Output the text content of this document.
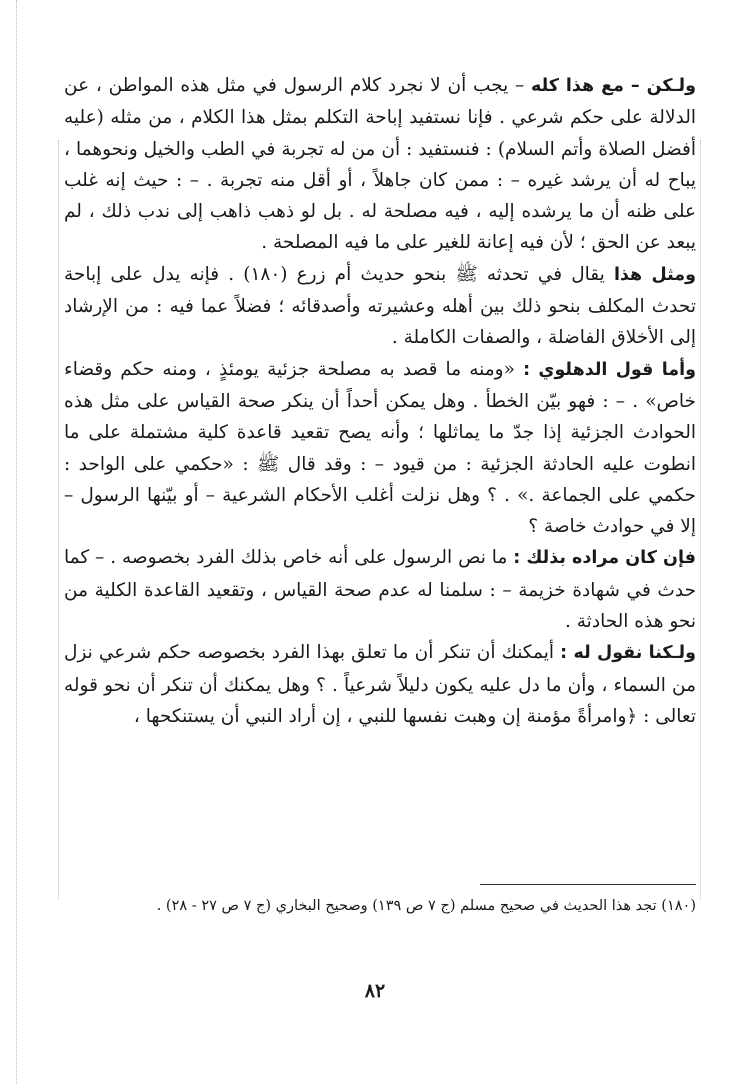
ولـكن – مع هذا كله – يجب أن لا نجرد كلام الرسول في مثل هذه المواطن ، عن الدلالة على حكم شرعي . فإنا نستفيد إباحة التكلم بمثل هذا الكلام ، من مثله (عليه أفضل الصلاة وأتم السلام) : فنستفيد : أن من له تجربة في الطب والخيل ونحوهما ، يباح له أن يرشد غيره – : ممن كان جاهلاً ، أو أقل منه تجربة . – : حيث إنه غلب على ظنه أن ما يرشده إليه ، فيه مصلحة له . بل لو ذهب ذاهب إلى ندب ذلك ، لم يبعد عن الحق ؛ لأن فيه إعانة للغير على ما فيه المصلحة .

ومثل هذا يقال في تحدثه ﷺ بنحو حديث أم زرع (١٨٠) . فإنه يدل على إباحة تحدث المكلف بنحو ذلك بين أهله وعشيرته وأصدقائه ؛ فضلاً عما فيه : من الإرشاد إلى الأخلاق الفاضلة ، والصفات الكاملة .

وأما قول الدهلوي : «ومنه ما قصد به مصلحة جزئية يومئذٍ ، ومنه حكم وقضاء خاص» . – : فهو بيّن الخطأ . وهل يمكن أحداً أن ينكر صحة القياس على مثل هذه الحوادث الجزئية إذا جدّ ما يماثلها ؛ وأنه يصح تقعيد قاعدة كلية مشتملة على ما انطوت عليه الحادثة الجزئية : من قيود – : وقد قال ﷺ : «حكمي على الواحد : حكمي على الجماعة .» . ؟ وهل نزلت أغلب الأحكام الشرعية – أو بيّنها الرسول – إلا في حوادث خاصة ؟

فإن كان مراده بذلك : ما نص الرسول على أنه خاص بذلك الفرد بخصوصه . – كما حدث في شهادة خزيمة – : سلمنا له عدم صحة القياس ، وتقعيد القاعدة الكلية من نحو هذه الحادثة .

ولـكنا نقول له : أيمكنك أن تنكر أن ما تعلق بهذا الفرد بخصوصه حكم شرعي نزل من السماء ، وأن ما دل عليه يكون دليلاً شرعياً . ؟ وهل يمكنك أن تنكر أن نحو قوله تعالى : ﴿وامرأةً مؤمنة إن وهبت نفسها للنبي ، إن أراد النبي أن يستنكحها ،

(١٨٠) تجد هذا الحديث في صحيح مسلم (ج ٧ ص ١٣٩) وصحيح البخاري (ج ٧ ص ٢٧ - ٢٨) .
٨٢
